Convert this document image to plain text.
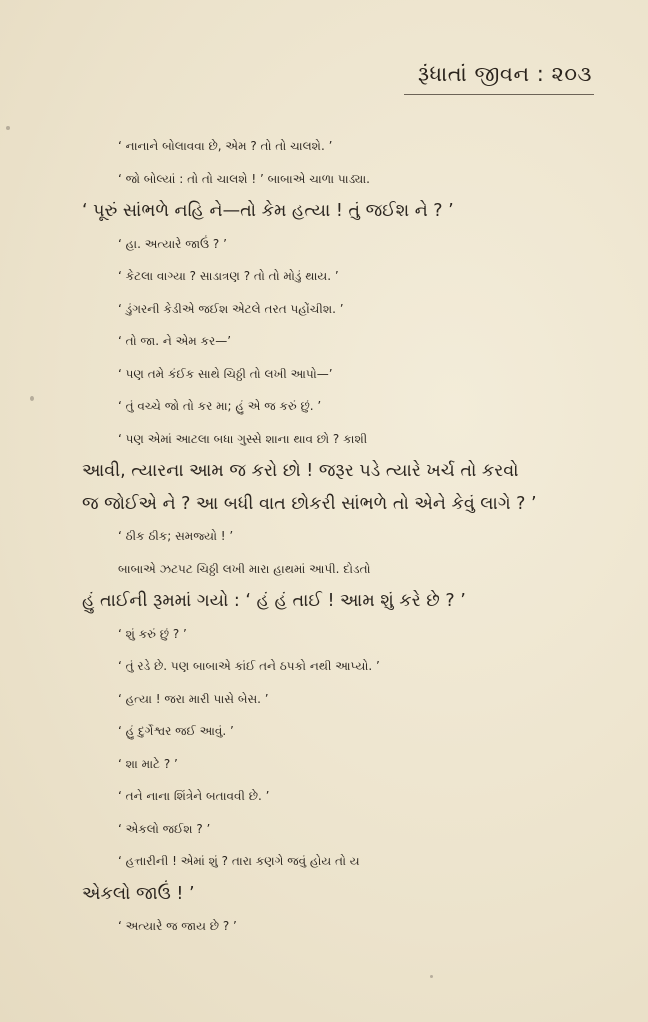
રૂંધાતાં જીવન : ૨૦૩
‘ નાનાને બોલાવવા છે, એમ ? તો તો ચાલશે. ’
‘ જો બોલ્યાં : તો તો ચાલશે ! ’ બાબાએ ચાળા પાડ્યા.
‘ પૂરું સાંભળે નહિ ને—તો કેમ હત્યા ! તું જઈશ ને ? ’
‘ હા. અત્યારે જાઉં ? ’
‘ કેટલા વાગ્યા ? સાડાત્રણ ? તો તો મોડું થાય. ’
‘ ડુંગરની કેડીએ જઈશ એટલે તરત પહોંચીશ. ’
‘ તો જા. ને એમ કર—’
‘ પણ તમે કંઈક સાથે ચિઠ્ઠી તો લખી આપો—’
‘ તું વચ્ચે જો તો કર મા; હું એ જ કરું છું. ’
‘ પણ એમાં આટલા બધા ગુસ્સે શાના થાવ છો ? કાશી
આવી, ત્યારના આમ જ કરો છો ! જરૂર પડે ત્યારે ખર્ચ તો કરવો
જ જોઈએ ને ? આ બધી વાત છોકરી સાંભળે તો એને કેવું લાગે ? ’
‘ ઠીક ઠીક; સમજ્યો ! ’
બાબાએ ઝટપટ ચિઠ્ઠી લખી મારા હાથમાં આપી. દોડતો
હું તાઈની રૂમમાં ગયો : ‘ હં હં તાઈ ! આમ શું કરે છે ? ’
‘ શું કરું છું ? ’
‘ તું રડે છે. પણ બાબાએ કાંઈ તને ઠપકો નથી આપ્યો. ’
‘ હત્યા ! જરા મારી પાસે બેસ. ’
‘ હું દુર્ગેશ્વર જઈ આવું. ’
‘ શા માટે ? ’
‘ તને નાના શિંત્રેને બતાવવી છે. ’
‘ એકલો જઈશ ? ’
‘ હત્તારીની ! એમાં શું ? તારા કણગે જવું હોય તો ય
એકલો જાઉં ! ’
‘ અત્યારે જ જાય છે ? ’
